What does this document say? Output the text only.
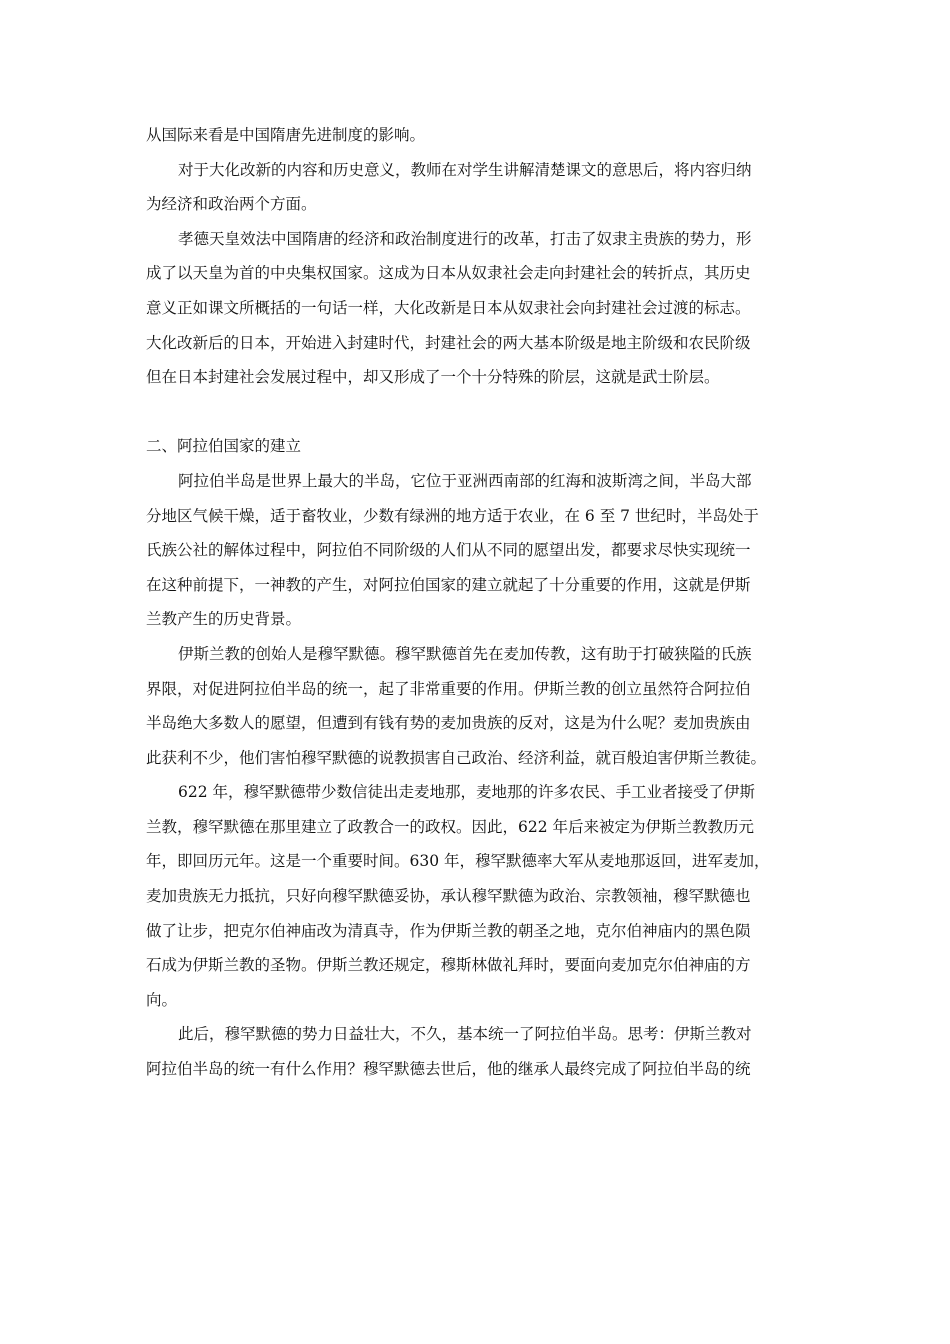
从国际来看是中国隋唐先进制度的影响。
对于大化改新的内容和历史意义，教师在对学生讲解清楚课文的意思后，将内容归纳
为经济和政治两个方面。
孝德天皇效法中国隋唐的经济和政治制度进行的改革，打击了奴隶主贵族的势力，形
成了以天皇为首的中央集权国家。这成为日本从奴隶社会走向封建社会的转折点，其历史
意义正如课文所概括的一句话一样，大化改新是日本从奴隶社会向封建社会过渡的标志。
大化改新后的日本，开始进入封建时代，封建社会的两大基本阶级是地主阶级和农民阶级
但在日本封建社会发展过程中，却又形成了一个十分特殊的阶层，这就是武士阶层。
二、阿拉伯国家的建立
阿拉伯半岛是世界上最大的半岛，它位于亚洲西南部的红海和波斯湾之间，半岛大部
分地区气候干燥，适于畜牧业，少数有绿洲的地方适于农业，在 6 至 7 世纪时，半岛处于
氏族公社的解体过程中，阿拉伯不同阶级的人们从不同的愿望出发，都要求尽快实现统一
在这种前提下，一神教的产生，对阿拉伯国家的建立就起了十分重要的作用，这就是伊斯
兰教产生的历史背景。
伊斯兰教的创始人是穆罕默德。穆罕默德首先在麦加传教，这有助于打破狭隘的氏族
界限，对促进阿拉伯半岛的统一，起了非常重要的作用。伊斯兰教的创立虽然符合阿拉伯
半岛绝大多数人的愿望，但遭到有钱有势的麦加贵族的反对，这是为什么呢？麦加贵族由
此获利不少，他们害怕穆罕默德的说教损害自己政治、经济利益，就百般迫害伊斯兰教徒。
622 年，穆罕默德带少数信徒出走麦地那，麦地那的许多农民、手工业者接受了伊斯
兰教，穆罕默德在那里建立了政教合一的政权。因此，622 年后来被定为伊斯兰教教历元
年，即回历元年。这是一个重要时间。630 年，穆罕默德率大军从麦地那返回，进军麦加，
麦加贵族无力抵抗，只好向穆罕默德妥协，承认穆罕默德为政治、宗教领袖，穆罕默德也
做了让步，把克尔伯神庙改为清真寺，作为伊斯兰教的朝圣之地，克尔伯神庙内的黑色陨
石成为伊斯兰教的圣物。伊斯兰教还规定，穆斯林做礼拜时，要面向麦加克尔伯神庙的方
向。
此后，穆罕默德的势力日益壮大，不久，基本统一了阿拉伯半岛。思考：伊斯兰教对
阿拉伯半岛的统一有什么作用？穆罕默德去世后，他的继承人最终完成了阿拉伯半岛的统
